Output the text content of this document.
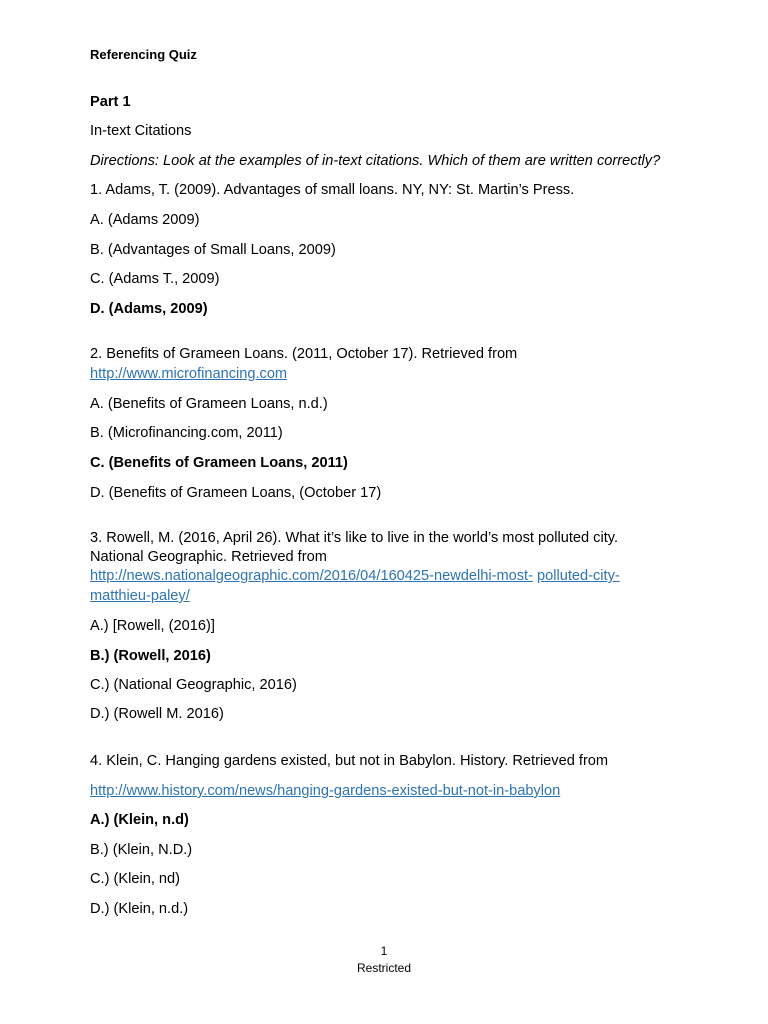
Referencing Quiz
Part 1
In-text Citations
Directions: Look at the examples of in-text citations. Which of them are written correctly?
1. Adams, T. (2009). Advantages of small loans. NY, NY: St. Martin’s Press.
A. (Adams 2009)
B. (Advantages of Small Loans, 2009)
C. (Adams T., 2009)
D. (Adams, 2009)
2. Benefits of Grameen Loans. (2011, October 17). Retrieved from
http://www.microfinancing.com
A. (Benefits of Grameen Loans, n.d.)
B. (Microfinancing.com, 2011)
C. (Benefits of Grameen Loans, 2011)
D. (Benefits of Grameen Loans, (October 17)
3. Rowell, M. (2016, April 26). What it’s like to live in the world’s most polluted city.
National Geographic. Retrieved from
http://news.nationalgeographic.com/2016/04/160425-newdelhi-most- polluted-city-
matthieu-paley/
A.) [Rowell, (2016)]
B.) (Rowell, 2016)
C.) (National Geographic, 2016)
D.) (Rowell M. 2016)
4. Klein, C. Hanging gardens existed, but not in Babylon. History. Retrieved from
http://www.history.com/news/hanging-gardens-existed-but-not-in-babylon
A.) (Klein, n.d)
B.) (Klein, N.D.)
C.) (Klein, nd)
D.) (Klein, n.d.)
1
Restricted
